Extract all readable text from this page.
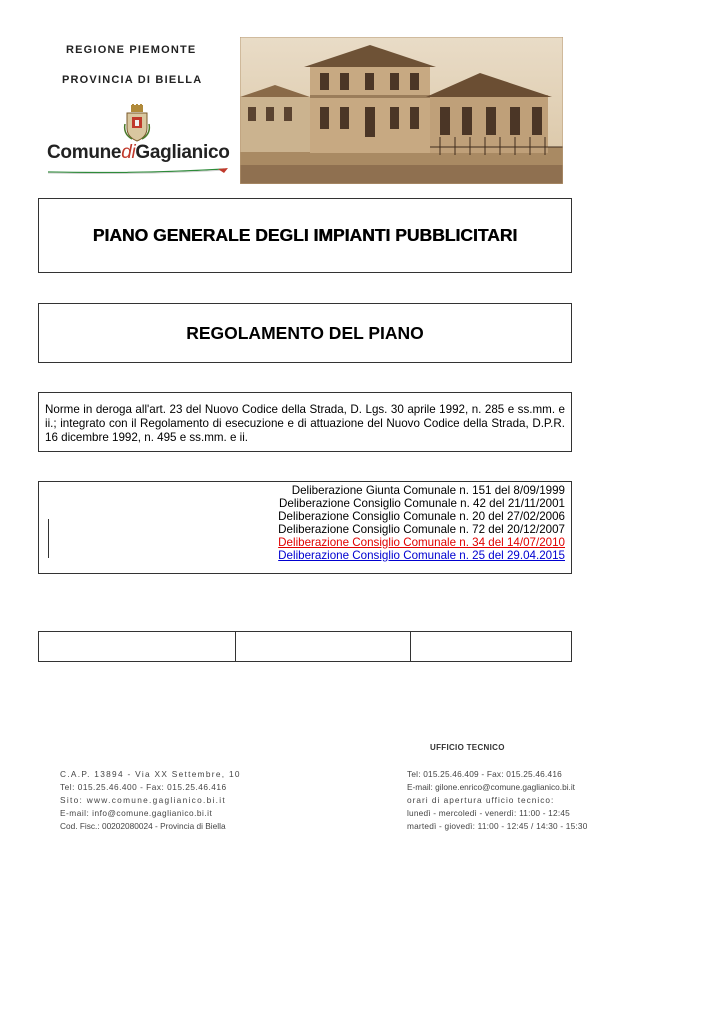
REGIONE PIEMONTE
PROVINCIA DI BIELLA
ComunediGaglianico
PIANO GENERALE DEGLI IMPIANTI PUBBLICITARI
REGOLAMENTO DEL PIANO
Norme in deroga all'art. 23 del Nuovo Codice della Strada, D. Lgs. 30 aprile 1992, n. 285 e ss.mm. e ii.; integrato con il Regolamento di esecuzione e di attuazione del Nuovo Codice della Strada, D.P.R. 16 dicembre 1992, n. 495 e ss.mm. e ii.
Deliberazione Giunta Comunale n. 151 del 8/09/1999
Deliberazione Consiglio Comunale n. 42 del 21/11/2001
Deliberazione Consiglio Comunale n. 20 del 27/02/2006
Deliberazione Consiglio Comunale n. 72 del 20/12/2007
Deliberazione Consiglio Comunale n. 34 del 14/07/2010
Deliberazione Consiglio Comunale n. 25 del 29.04.2015
UFFICIO TECNICO
C.A.P. 13894 - Via XX Settembre, 10
Tel: 015.25.46.400 - Fax: 015.25.46.416
Sito: www.comune.gaglianico.bi.it
E-mail: info@comune.gaglianico.bi.it
Cod. Fisc.: 00202080024 - Provincia di Biella
Tel: 015.25.46.409 - Fax: 015.25.46.416
E-mail: gilone.enrico@comune.gaglianico.bi.it
orari di apertura ufficio tecnico:
lunedì - mercoledì - venerdì: 11:00 - 12:45
martedì - giovedì: 11:00 - 12:45 / 14:30 - 15:30
